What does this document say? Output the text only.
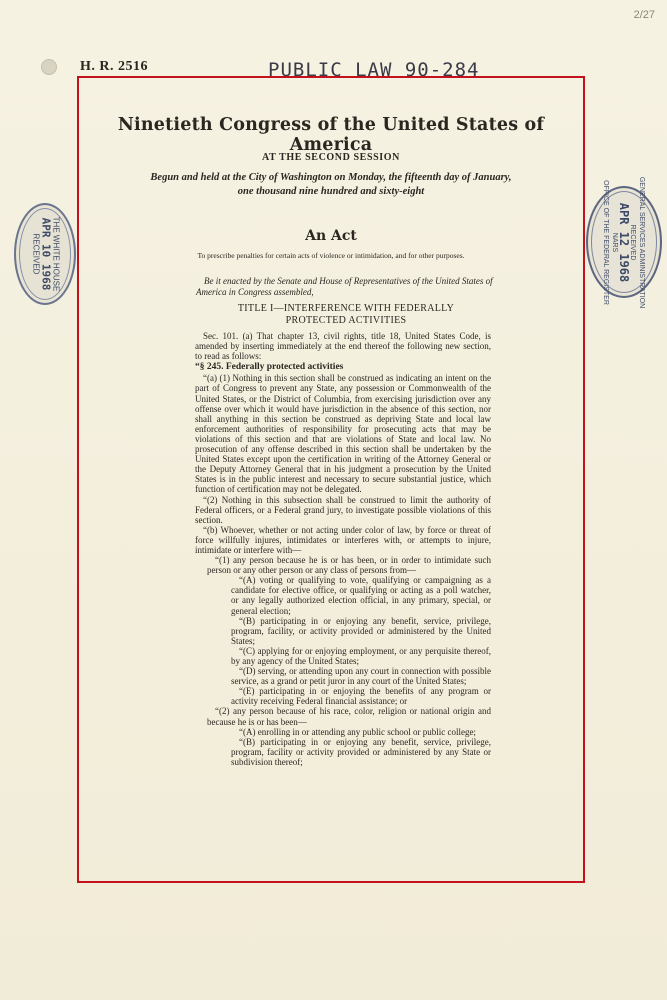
2/27
H. R. 2516	PUBLIC LAW 90-284
Ninetieth Congress of the United States of America
AT THE SECOND SESSION
Begun and held at the City of Washington on Monday, the fifteenth day of January,
one thousand nine hundred and sixty-eight
An Act
To prescribe penalties for certain acts of violence or intimidation, and for other purposes.
Be it enacted by the Senate and House of Representatives of the United States of America in Congress assembled,
TITLE I—INTERFERENCE WITH FEDERALLY
PROTECTED ACTIVITIES

Sec. 101. (a) That chapter 13, civil rights, title 18, United States Code, is amended by inserting immediately at the end thereof the following new section, to read as follows:

“§ 245. Federally protected activities

“(a) (1) Nothing in this section shall be construed as indicating an intent on the part of Congress to prevent any State, any possession or Commonwealth of the United States, or the District of Columbia, from exercising jurisdiction over any offense over which it would have jurisdiction in the absence of this section, nor shall anything in this section be construed as depriving State and local law enforcement authorities of responsibility for prosecuting acts that may be violations of this section and that are violations of State and local law. No prosecution of any offense described in this section shall be undertaken by the United States except upon the certification in writing of the Attorney General or the Deputy Attorney General that in his judgment a prosecution by the United States is in the public interest and necessary to secure substantial justice, which function of certification may not be delegated.

“(2) Nothing in this subsection shall be construed to limit the authority of Federal officers, or a Federal grand jury, to investigate possible violations of this section.

“(b) Whoever, whether or not acting under color of law, by force or threat of force willfully injures, intimidates or interferes with, or attempts to injure, intimidate or interfere with—

“(1) any person because he is or has been, or in order to intimidate such person or any other person or any class of persons from—

“(A) voting or qualifying to vote, qualifying or campaigning as a candidate for elective office, or qualifying or acting as a poll watcher, or any legally authorized election official, in any primary, special, or general election;

“(B) participating in or enjoying any benefit, service, privilege, program, facility, or activity provided or administered by the United States;

“(C) applying for or enjoying employment, or any perquisite thereof, by any agency of the United States;

“(D) serving, or attending upon any court in connection with possible service, as a grand or petit juror in any court of the United States;

“(E) participating in or enjoying the benefits of any program or activity receiving Federal financial assistance; or

“(2) any person because of his race, color, religion or national origin and because he is or has been—

“(A) enrolling in or attending any public school or public college;

“(B) participating in or enjoying any benefit, service, privilege, program, facility or activity provided or administered by any State or subdivision thereof;

THE WHITE HOUSE
APR 10 1968
RECEIVED	GENERAL SERVICES ADMINISTRATION
RECEIVED
APR 12 1968
NARS
OFFICE OF THE FEDERAL REGISTER
